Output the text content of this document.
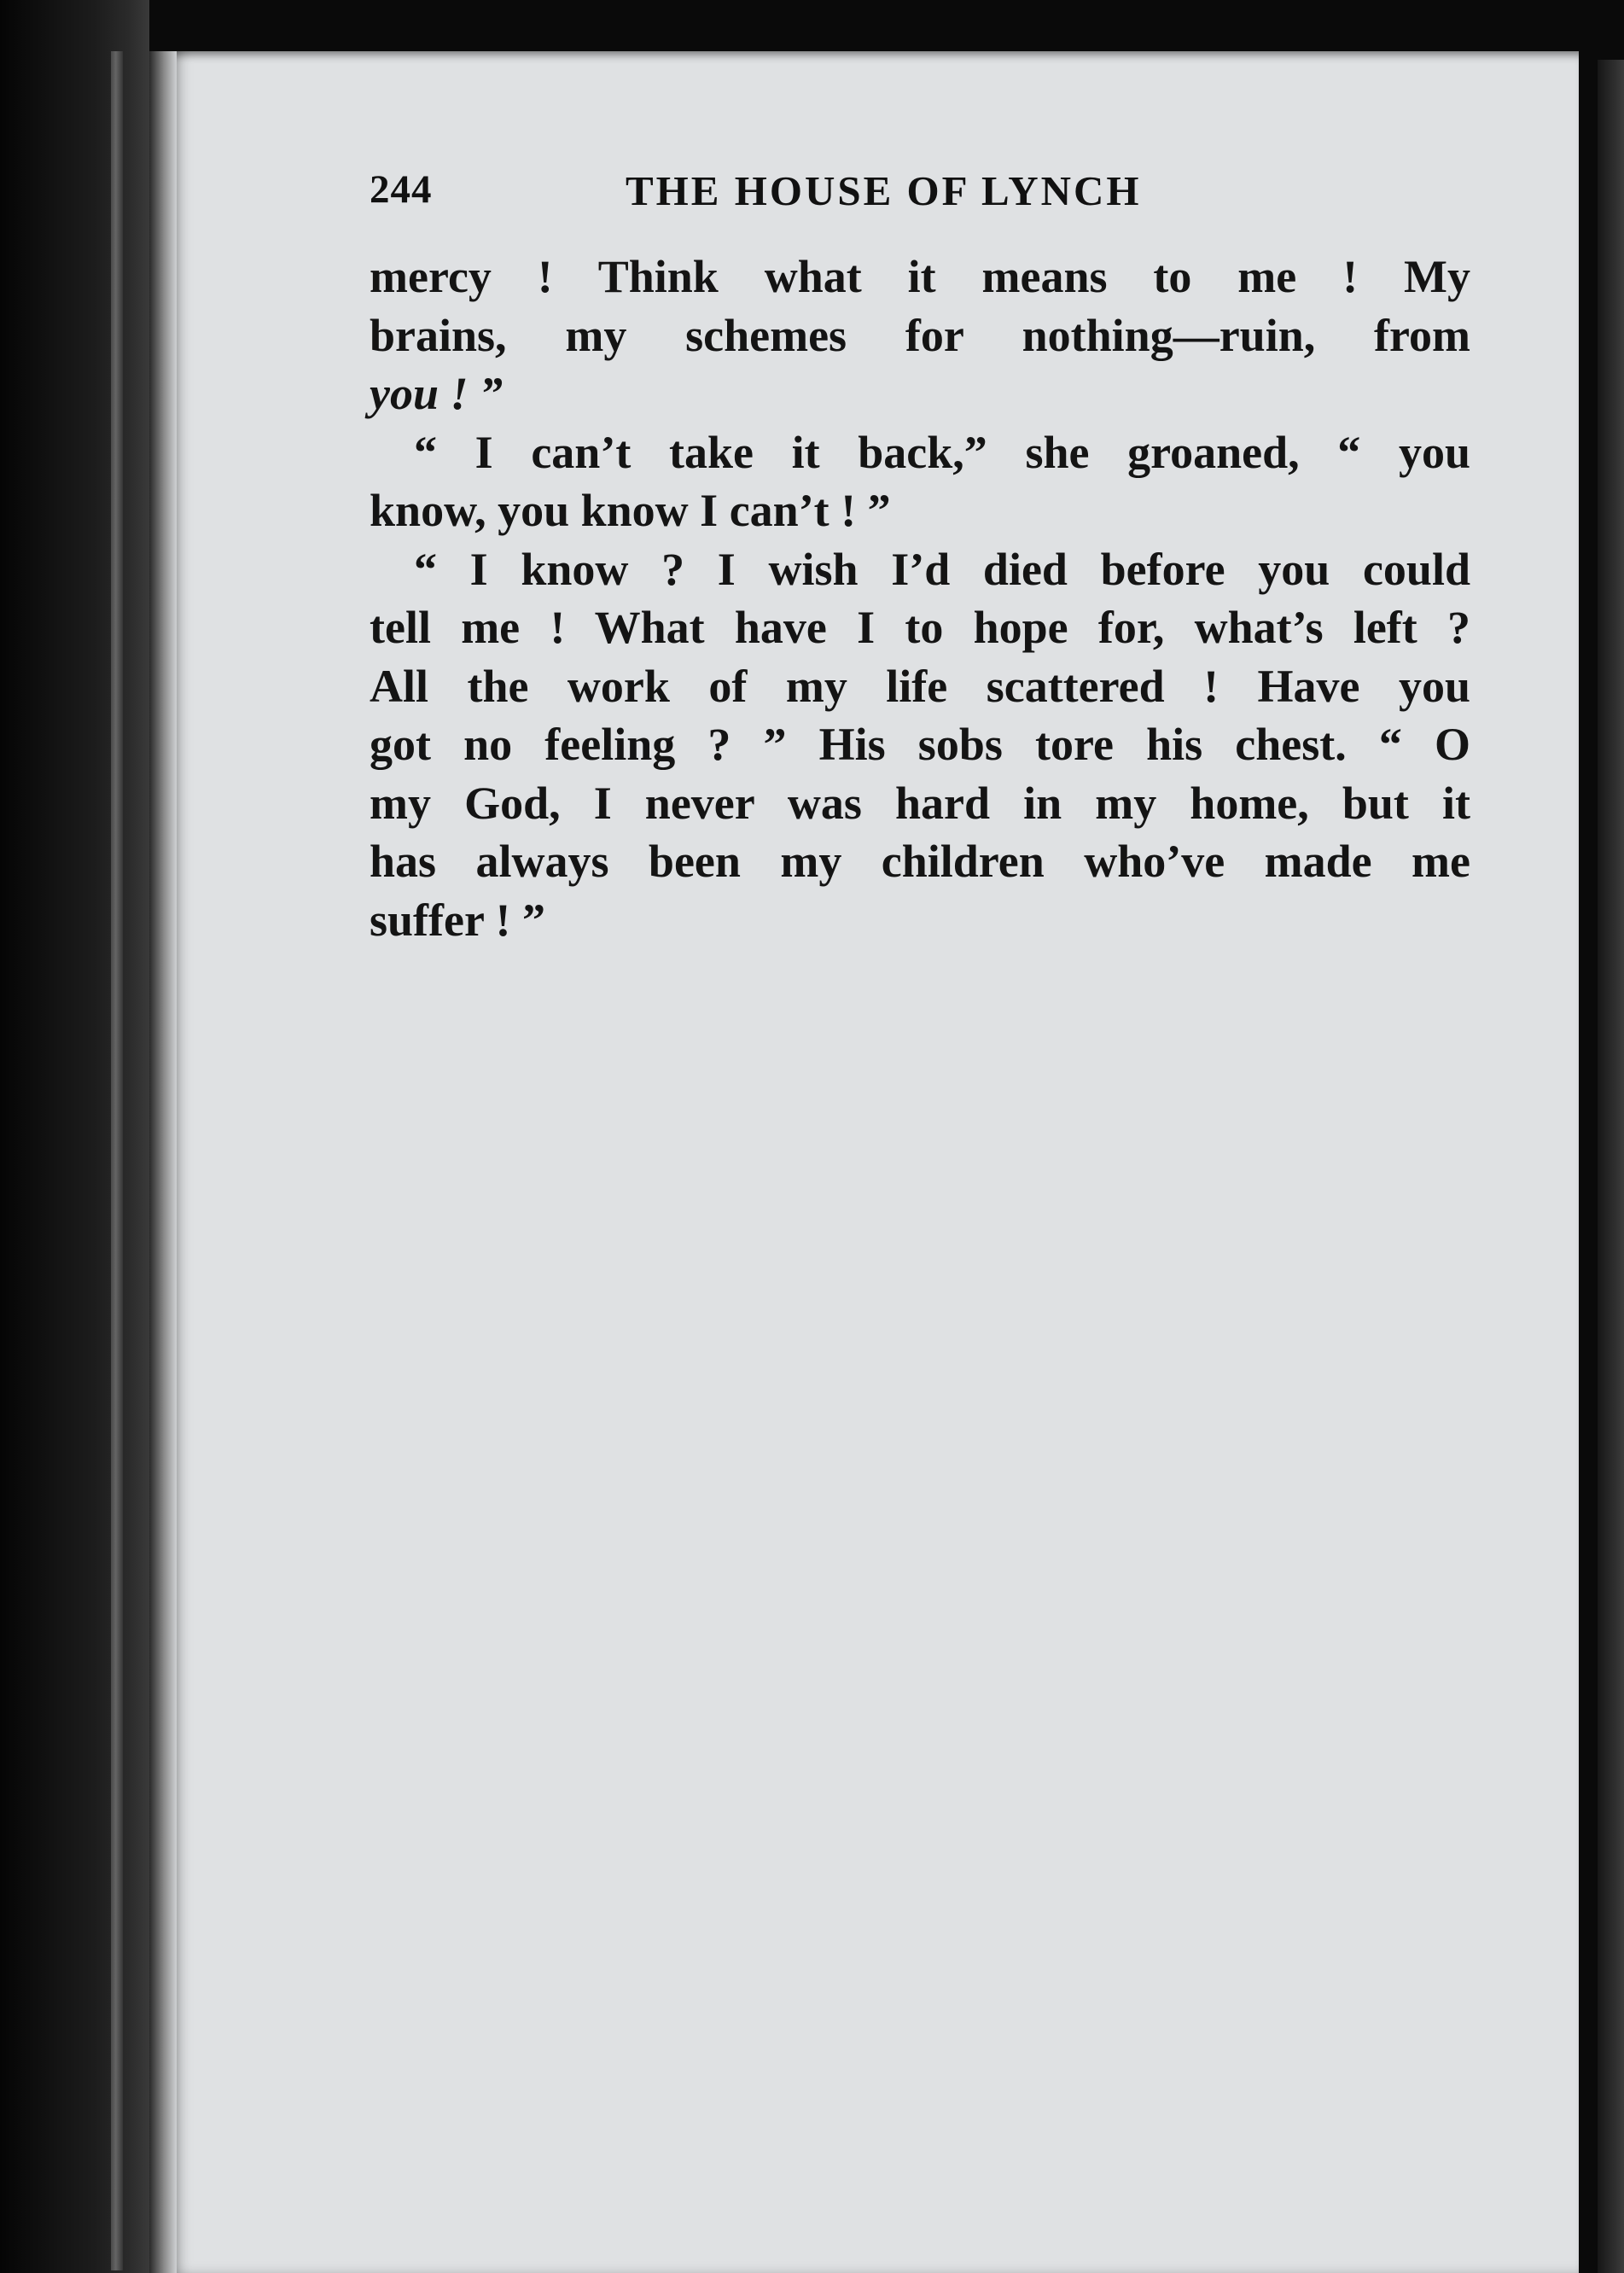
244	THE HOUSE OF LYNCH
mercy ! Think what it means to me ! My
brains, my schemes for nothing—ruin, from
you ! ”
“ I can’t take it back,” she groaned, “ you
know, you know I can’t ! ”
“ I know ? I wish I’d died before you could
tell me ! What have I to hope for, what’s left ?
All the work of my life scattered ! Have you
got no feeling ? ” His sobs tore his chest. “ O
my God, I never was hard in my home, but it
has always been my children who’ve made me
suffer ! ”
